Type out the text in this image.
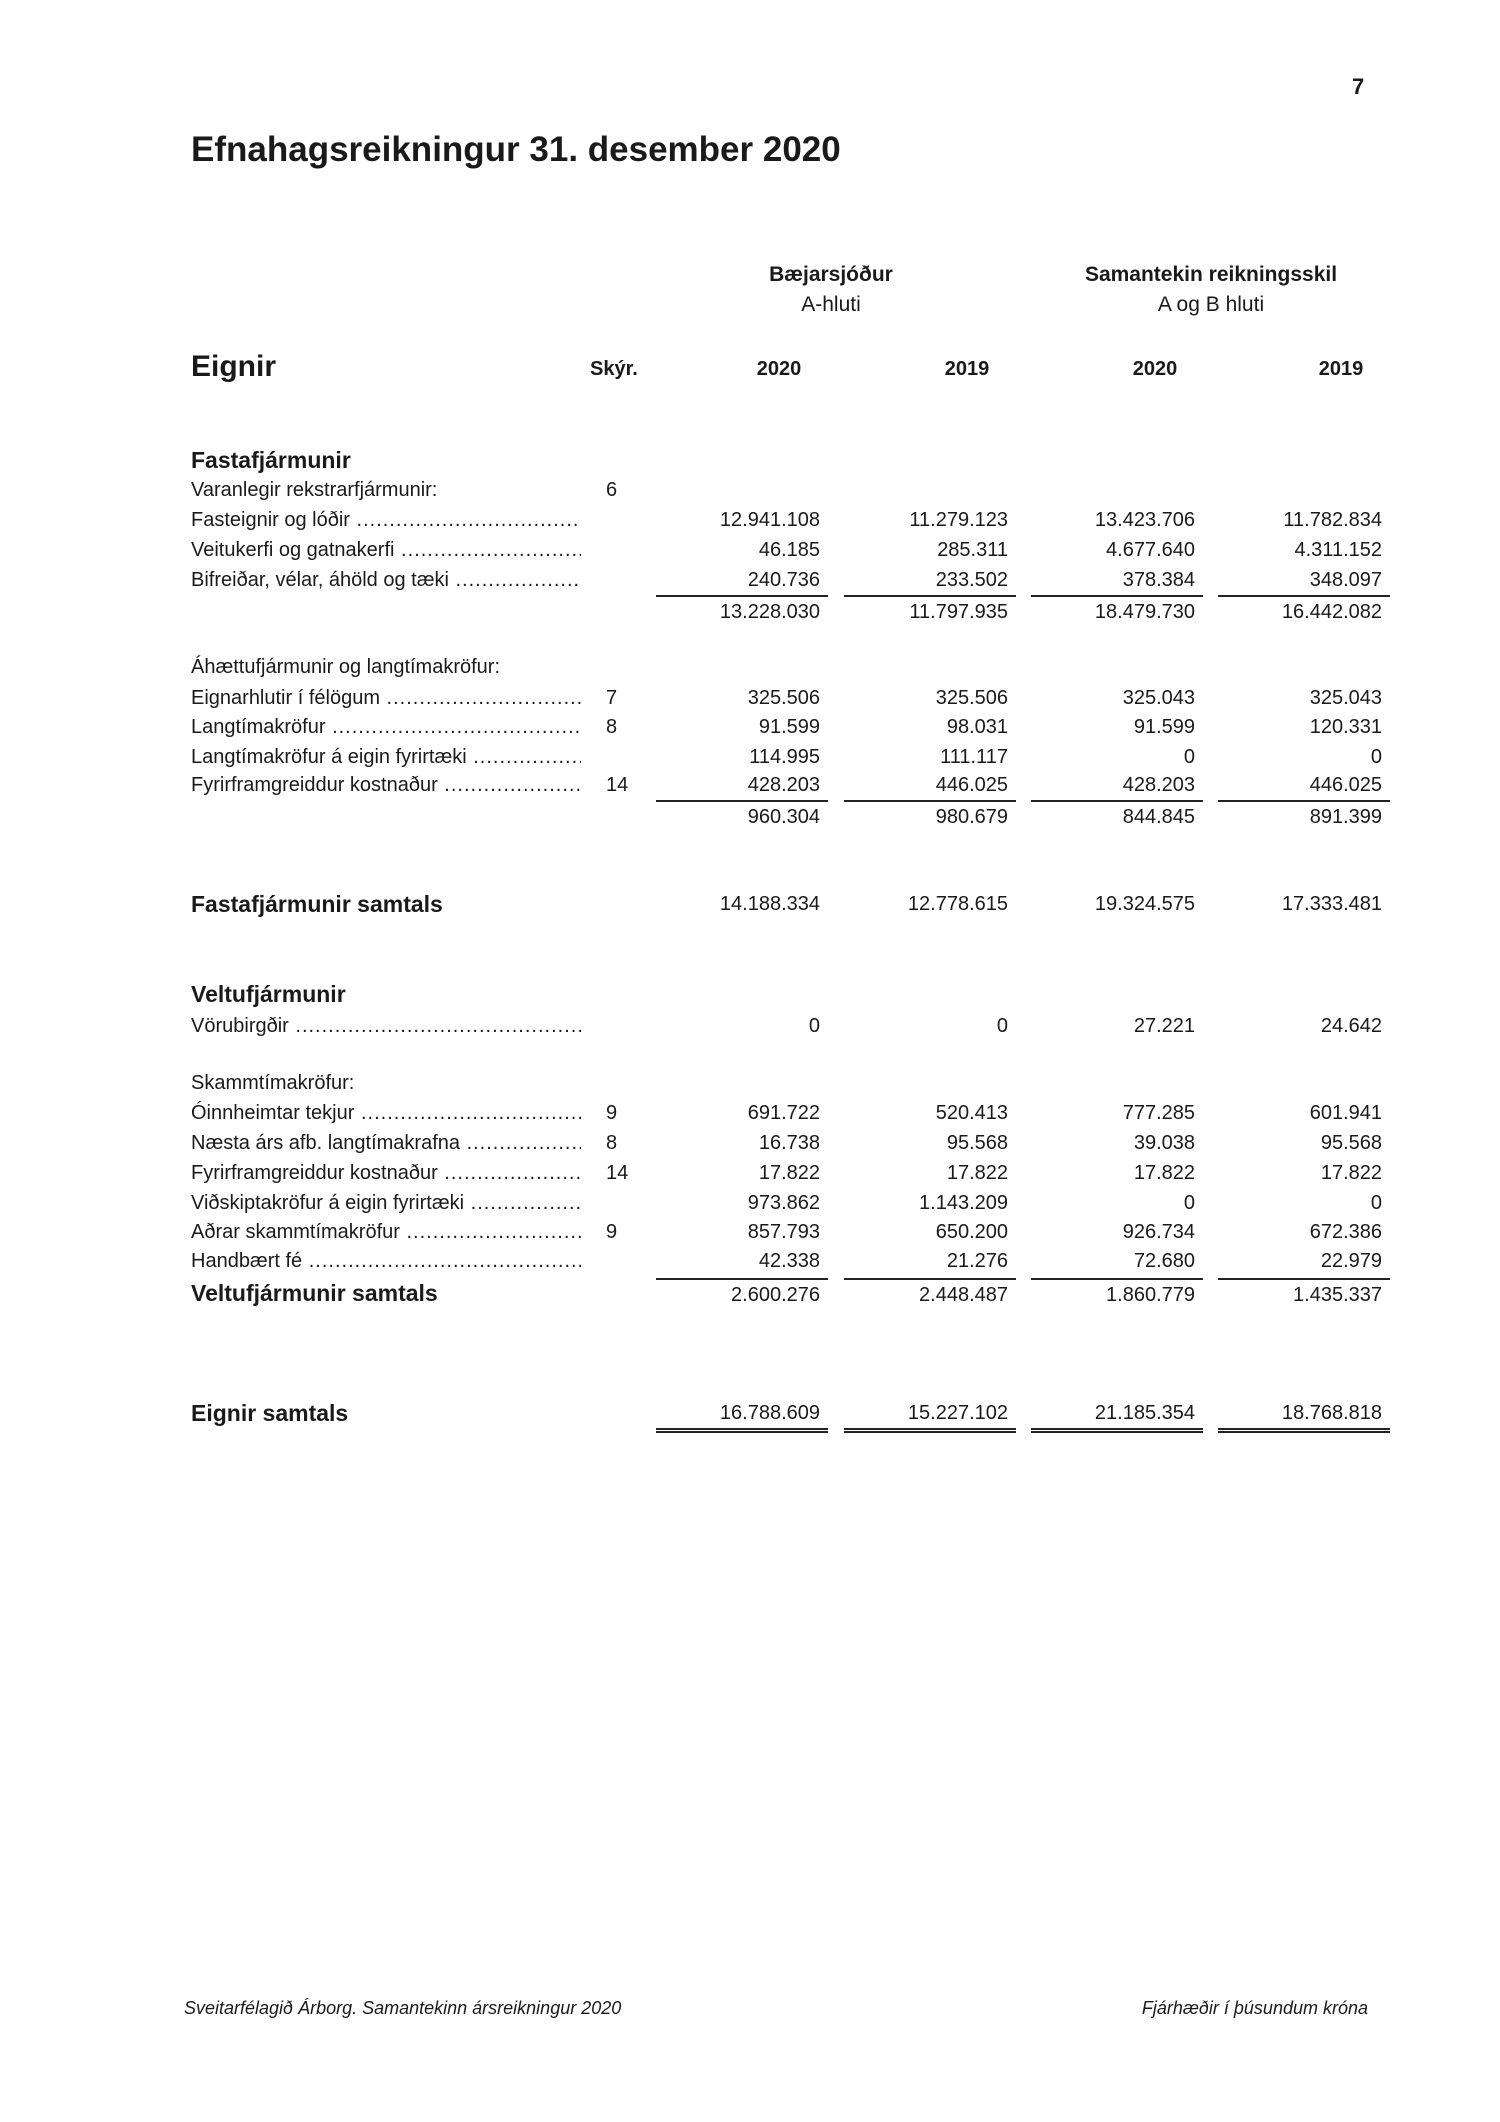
7
Efnahagsreikningur 31. desember 2020
Bæjarsjóður
A-hluti
Samantekin reikningsskil
A og B hluti
Eignir	Skýr.	2020	2019	2020	2019
Fastafjármunir
Varanlegir rekstrarfjármunir:	6
Fasteignir og lóðir .....	12.941.108	11.279.123	13.423.706	11.782.834
Veitukerfi og gatnakerfi .....	46.185	285.311	4.677.640	4.311.152
Bifreiðar, vélar, áhöld og tæki .....	240.736	233.502	378.384	348.097
13.228.030	11.797.935	18.479.730	16.442.082
Áhættufjármunir og langtímakröfur:
Eignarhlutir í félögum .....	7	325.506	325.506	325.043	325.043
Langtímakröfur .....	8	91.599	98.031	91.599	120.331
Langtímakröfur á eigin fyrirtæki .....	114.995	111.117	0	0
Fyrirframgreiddur kostnaður .....	14	428.203	446.025	428.203	446.025
960.304	980.679	844.845	891.399
Fastafjármunir samtals	14.188.334	12.778.615	19.324.575	17.333.481
Veltufjármunir
Vörubirgðir .....	0	0	27.221	24.642
Skammtímakröfur:
Óinnheimtar tekjur .....	9	691.722	520.413	777.285	601.941
Næsta árs afb. langtímakrafna .....	8	16.738	95.568	39.038	95.568
Fyrirframgreiddur kostnaður .....	14	17.822	17.822	17.822	17.822
Viðskiptakröfur á eigin fyrirtæki .....	973.862	1.143.209	0	0
Aðrar skammtímakröfur .....	9	857.793	650.200	926.734	672.386
Handbært fé .....	42.338	21.276	72.680	22.979
Veltufjármunir samtals	2.600.276	2.448.487	1.860.779	1.435.337
Eignir samtals	16.788.609	15.227.102	21.185.354	18.768.818
Sveitarfélagið Árborg. Samantekinn ársreikningur 2020	Fjárhæðir í þúsundum króna
